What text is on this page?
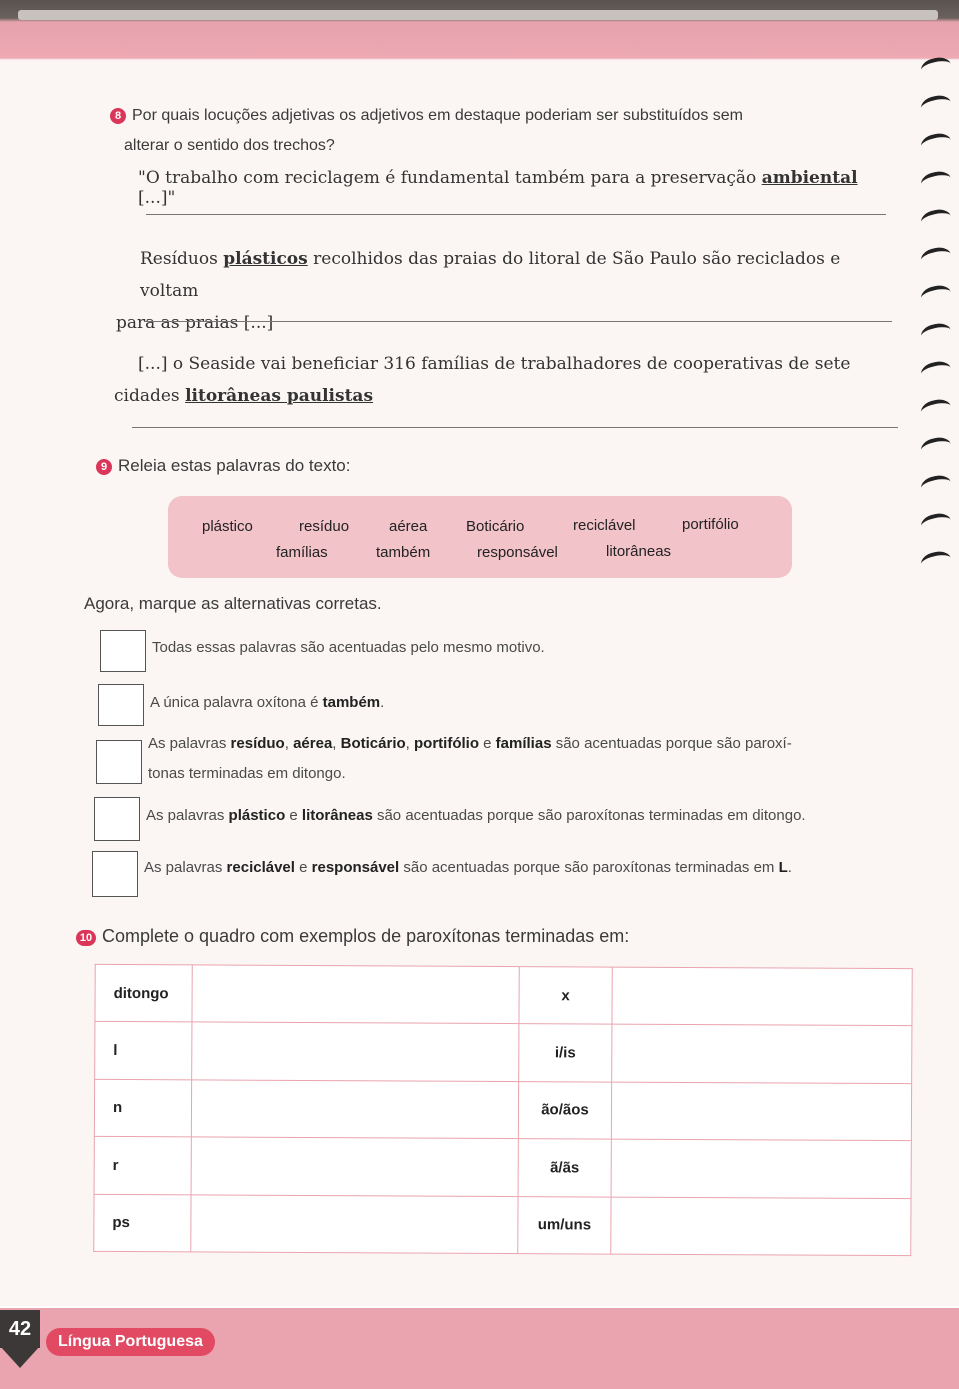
8 Por quais locuções adjetivas os adjetivos em destaque poderiam ser substituídos sem
alterar o sentido dos trechos?
"O trabalho com reciclagem é fundamental também para a preservação ambiental [...]"
Resíduos plásticos recolhidos das praias do litoral de São Paulo são reciclados e voltam
para as praias [...]
[...] o Seaside vai beneficiar 316 famílias de trabalhadores de cooperativas de sete
cidades litorâneas paulistas
9 Releia estas palavras do texto:
plástico	resíduo	aérea	Boticário	reciclável	portifólio
famílias	também	responsável	litorâneas
Agora, marque as alternativas corretas.
Todas essas palavras são acentuadas pelo mesmo motivo.
A única palavra oxítona é também.
As palavras resíduo, aérea, Boticário, portifólio e famílias são acentuadas porque são paroxí-
tonas terminadas em ditongo.
As palavras plástico e litorâneas são acentuadas porque são paroxítonas terminadas em ditongo.
As palavras reciclável e responsável são acentuadas porque são paroxítonas terminadas em L.
10 Complete o quadro com exemplos de paroxítonas terminadas em:
ditongo		x	
l		i/is	
n		ão/ãos	
r		ã/ãs	
ps		um/uns	
42
Língua Portuguesa
